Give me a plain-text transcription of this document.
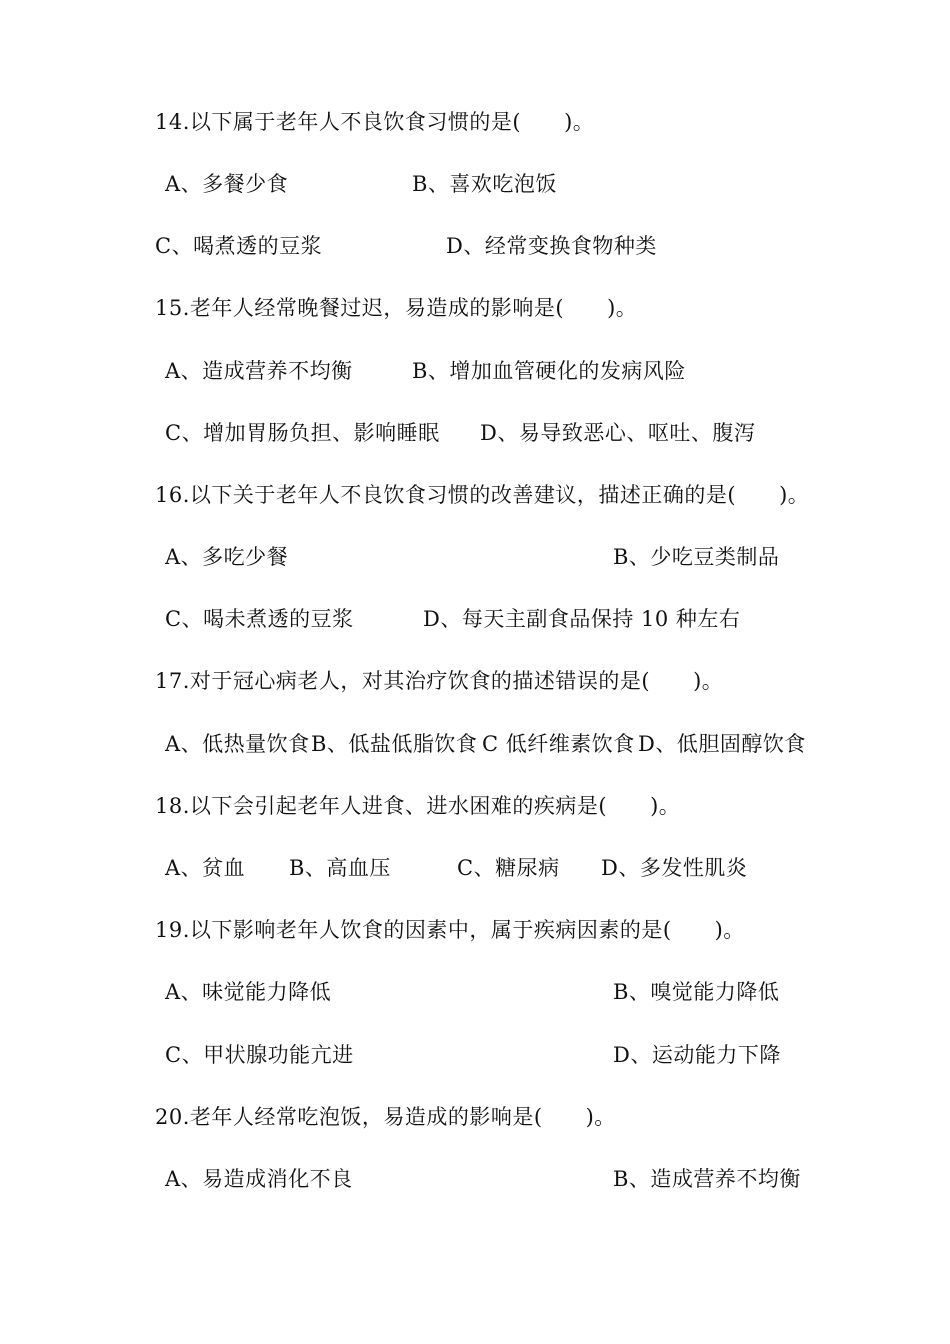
14.以下属于老年人不良饮食习惯的是(　　)。
A、多餐少食	B、喜欢吃泡饭
C、喝煮透的豆浆	D、经常变换食物种类
15.老年人经常晚餐过迟，易造成的影响是(　　)。
A、造成营养不均衡	B、增加血管硬化的发病风险
C、增加胃肠负担、影响睡眠 D、易导致恶心、呕吐、腹泻
16.以下关于老年人不良饮食习惯的改善建议，描述正确的是(　　)。
A、多吃少餐	B、少吃豆类制品
C、喝未煮透的豆浆	D、每天主副食品保持 10 种左右
17.对于冠心病老人，对其治疗饮食的描述错误的是(　　)。
A、低热量饮食 B、低盐低脂饮食 C 低纤维素饮食 D、低胆固醇饮食
18.以下会引起老年人进食、进水困难的疾病是(　　)。
A、贫血 B、高血压	C、糖尿病 D、多发性肌炎
19.以下影响老年人饮食的因素中，属于疾病因素的是(　　)。
A、味觉能力降低	B、嗅觉能力降低
C、甲状腺功能亢进	D、运动能力下降
20.老年人经常吃泡饭，易造成的影响是(　　)。
A、易造成消化不良	B、造成营养不均衡
